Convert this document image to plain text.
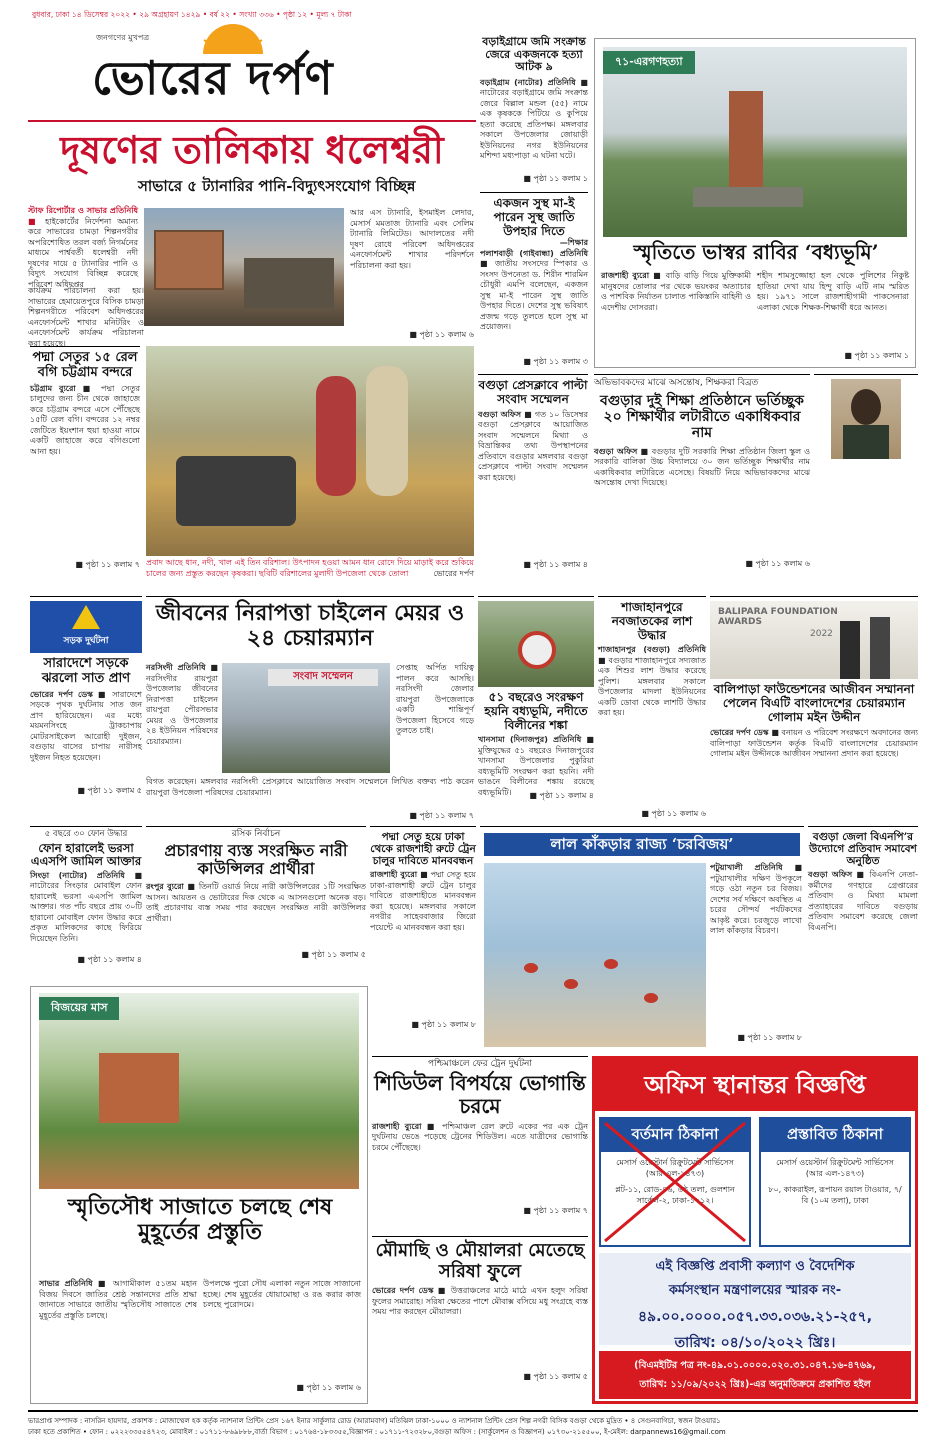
বুধবার, ঢাকা ১৪ ডিসেম্বর ২০২২ • ২৯ অগ্রহায়ণ ১৪২৯ • বর্ষ ২২ • সংখ্যা ৩৩৬ • পৃষ্ঠা ১২ • মূল্য ৭ টাকা
জনগণের মুখপত্র
ভোরের দর্পণ
দূষণের তালিকায় ধলেশ্বরী
সাভারে ৫ ট্যানারির পানি-বিদ্যুৎসংযোগ বিচ্ছিন্ন
স্টাফ রিপোর্টার ও সাভার প্রতিনিধি ■ হাইকোর্টের নির্দেশনা অমান্য করে সাভারের চামড়া শিল্পনগরীর অপরিশোধিত তরল বর্জ্য নিগর্মনের মাধ্যমে পার্শ্ববর্তী ধলেশ্বরী নদী দূষণের দায়ে ৫ ট্যানারির পানি ও বিদ্যুৎ সংযোগ বিচ্ছিন্ন করেছে পরিবেশ অধিদপ্তর
আর এস ট্যানারি, ইসমাইল লেদার, মেসার্স মমতাজ ট্যানারি এবং সেলিম ট্যানারি লিমিটেড। আদালতের নদী দূষণ রোধে পরিবেশ অধিদপ্তরের এনফোর্সমেন্ট শাখার পরিদর্শনে পরিচালনা করা হয়।
কার্যক্রম পরিচালনা করা হয়। সাভারের হেমায়েতপুরে বিসিক চামড়া শিল্পনগরীতে পরিবেশ অধিদপ্তরের এনফোর্সমেন্ট শাখার মনিটরিং ও এনফোর্সমেন্ট কার্যক্রম পরিচালনা করা হয়েছে।
■ পৃষ্ঠা ১১ কলাম ৬
বড়াইগ্রামে জমি সংক্রান্ত জেরে একজনকে হত্যা আটক ৯
বড়াইগ্রাম (নাটোর) প্রতিনিধি ■ নাটোরের বড়াইগ্রামে জমি সংক্রান্ত জেরে বিল্লাল মন্ডল (৫৫) নামে এক কৃষককে পিটিয়ে ও কুপিয়ে হত্যা করেছে প্রতিপক্ষ। মঙ্গলবার সকালে উপজেলার জোয়াড়ী ইউনিয়নের নগর ইউনিয়নের মশিন্দা মধ্যপাড়া এ ঘটনা ঘটে।
■ পৃষ্ঠা ১১ কলাম ১
একজন সুস্থ মা-ই পারেন সুস্থ জাতি উপহার দিতে
—শিক্ষার
পলাশবাড়ী (গাইবান্ধা) প্রতিনিধি ■ জাতীয় সংসদের স্পিকার ও সংসদ উপনেতা ড. শিরীন শারমিন চৌধুরী এমপি বলেছেন, একজন সুস্থ মা-ই পারেন সুস্থ জাতি উপহার দিতে। দেশের সুস্থ ভবিষ্যৎ প্রজন্ম গড়ে তুলতে হলে সুস্থ মা প্রয়োজন।
■ পৃষ্ঠা ১১ কলাম ৩
৭১-এরগণহত্যা
স্মৃতিতে ভাস্বর রাবির ‘বধ্যভূমি’
রাজশাহী ব্যুরো ■ বাড়ি বাড়ি গিয়ে মুক্তিকামী মানুষদের তোলার পর থেকে ভয়ংকর অত্যাচার ও পাশবিক নির্যাতন চালাত পাকিস্তানি বাহিনী ও এদেশীয় দোসররা।
শহীদ শামসুজ্জোহা হল থেকে পুলিশের নিকুষ্ট হাতিয়া দেখা যায় হিন্দু বাড়ি এটি নাম স্মরিত হয়। ১৯৭১ সালে রাজশাহীগামী পাকসেনারা এলাকা থেকে শিক্ষক-শিক্ষার্থী ধরে আনত।
■ পৃষ্ঠা ১১ কলাম ১
পদ্মা সেতুর ১৫ রেল বগি চট্টগ্রাম বন্দরে
চট্টগ্রাম ব্যুরো ■ পদ্মা সেতুর চালুদের জন্য চীন থেকে জাহাজে করে চট্টগ্রাম বন্দরে এসে পৌঁছেছে ১৫টি রেল বগি। বন্দরের ১২ নম্বর জেটিতে ইয়ংশান হুয়া হাওয়া নামে একটি জাহাজে করে বগিগুলো আনা হয়।
■ পৃষ্ঠা ১১ কলাম ৭ প্রবাদ আছে ধান, নদী, খাল এই তিন বরিশাল। উৎপাদন হওয়া আমন ধান রোদে দিয়ে মাড়াই করে শুকিয়ে চালের জন্য প্রস্তুত করছেন কৃষকরা। ছবিটি বরিশালের মুলাদী উপজেলা থেকে তোলা	ভোরের দর্পণ
বগুড়া প্রেসক্লাবে পাল্টা সংবাদ সম্মেলন
বগুড়া অফিস ■ গত ১০ ডিসেম্বর বগুড়া প্রেসক্লাবে আয়োজিত সংবাদ সম্মেলনে মিথ্যা ও বিভ্রান্তিকর তথ্য উপস্থাপনের প্রতিবাদে বগুড়ার মঙ্গলবার বগুড়া প্রেসক্লাবে পাল্টা সংবাদ সম্মেলন করা হয়েছে।
■ পৃষ্ঠা ১১ কলাম ৪
অভিভাবকদের মাঝে অসন্তোষ, শিক্ষকরা বিব্রত
বগুড়ার দুই শিক্ষা প্রতিষ্ঠানে ভর্তিচ্ছুক ২০ শিক্ষার্থীর লটারীতে একাধিকবার নাম
বগুড়া অফিস ■ বগুড়ার দুটি সরকারি শিক্ষা প্রতিষ্ঠান জিলা স্কুল ও সরকারি বালিকা উচ্চ বিদ্যালয়ে ৩০ জন ভর্তিচ্ছুক শিক্ষার্থীর নাম একাধিকবার লটারিতে এসেছে। বিষয়টি নিয়ে অভিভাবকদের মাঝে অসন্তোষ দেখা দিয়েছে।
■ পৃষ্ঠা ১১ কলাম ৬
সড়ক দুর্ঘটনা
সারাদেশে সড়কে ঝরলো সাত প্রাণ
ভোরের দর্পণ ডেস্ক ■ সারাদেশে সড়কে পৃথক দুর্ঘটনায় সাত জন প্রাণ হারিয়েছেন। এর মধ্যে ময়মনসিংহে ট্রাকচাপায় মোটরসাইকেল আরোহী দুইজন, বগুড়ায় বাসের চাপায় নারীসহ দুইজন নিহত হয়েছেন।
■ পৃষ্ঠা ১১ কলাম ৫
জীবনের নিরাপত্তা চাইলেন মেয়র ও ২৪ চেয়ারম্যান
নরসিংদী প্রতিনিধি ■ নরসিংদীর রায়পুরা উপজেলায় জীবনের নিরাপত্তা চাইলেন রায়পুরা পৌরসভার মেয়র ও উপজেলার ২৪ ইউনিয়ন পরিষদের চেয়ারম্যান।
সংবাদ সম্মেলন
সেপ্তাহ অর্পিত দায়িত্ব পালন করে আসছি। নরসিংদী জেলার রায়পুরা উপজেলাকে একটি শান্তিপূর্ণ উপজেলা হিসেবে গড়ে তুলতে চাই।
বিগত করেছেন। মঙ্গলবার নরসিংদী প্রেসক্লাবে আয়োজিত সংবাদ সম্মেলনে লিখিত বক্তব্য পাঠ করেন রায়পুরা উপজেলা পরিষদের চেয়ারম্যান।
■ পৃষ্ঠা ১১ কলাম ৭
৫১ বছরেও সংরক্ষণ হয়নি বধ্যভূমি, নদীতে বিলীনের শঙ্কা
খানসামা (দিনাজপুর) প্রতিনিধি ■ মুক্তিযুদ্ধের ৫১ বছরেও দিনাজপুরের খানসামা উপজেলার পুকুরিয়া বধ্যভূমিটি সংরক্ষণ করা হয়নি। নদী ভাঙনে বিলীনের শঙ্কায় রয়েছে বধ্যভূমিটি।	■ পৃষ্ঠা ১১ কলাম ৪
শাজাহানপুরে নবজাতকের লাশ উদ্ধার
শাজাহানপুর (বগুড়া) প্রতিনিধি ■ বগুড়ার শাজাহানপুরে সদ্যজাত এক শিশুর লাশ উদ্ধার করেছে পুলিশ। মঙ্গলবার সকালে উপজেলার মাদলা ইউনিয়নের একটি ডোবা থেকে লাশটি উদ্ধার করা হয়।
■ পৃষ্ঠা ১১ কলাম ৬
BALIPARA FOUNDATION AWARDS
2022
বালিপাড়া ফাউন্ডেশনের আজীবন সম্মাননা পেলেন বিএটি বাংলাদেশের চেয়ারম্যান গোলাম মইন উদ্দীন
ভোরের দর্পণ ডেস্ক ■ বনায়ন ও পরিবেশ সংরক্ষণে অবদানের জন্য বালিপাড়া ফাউন্ডেশন কর্তৃক বিএটি বাংলাদেশের চেয়ারম্যান গোলাম মইন উদ্দীনকে আজীবন সম্মাননা প্রদান করা হয়েছে।
৫ বছরে ৩০ ফোন উদ্ধার
ফোন হারালেই ভরসা এএসপি জামিল আক্তার
সিংড়া (নাটোর) প্রতিনিধি ■ নাটোরের সিংড়ার মোবাইল ফোন হারালেই ভরসা এএসপি জামিল আক্তার। গত পাঁচ বছরে প্রায় ৩০টি হারানো মোবাইল ফোন উদ্ধার করে প্রকৃত মালিকদের কাছে ফিরিয়ে দিয়েছেন তিনি।
■ পৃষ্ঠা ১১ কলাম ৪
রসিক নির্বাচন
প্রচারণায় ব্যস্ত সংরক্ষিত নারী কাউন্সিলর প্রার্থীরা
রংপুর ব্যুরো ■ তিনটি ওয়ার্ড নিয়ে নারী কাউন্সিলরের ১টি সংরক্ষিত আসন। আয়তন ও ভোটারের দিক থেকে এ আসনগুলো অনেক বড়। তাই প্রচারণায় ব্যস্ত সময় পার করছেন সংরক্ষিত নারী কাউন্সিলর প্রার্থীরা।
■ পৃষ্ঠা ১১ কলাম ৫
পদ্মা সেতু হয়ে ঢাকা থেকে রাজশাহী রুটে ট্রেন চালুর দাবিতে মানববন্ধন
রাজশাহী ব্যুরো ■ পদ্মা সেতু হয়ে ঢাকা-রাজশাহী রুটে ট্রেন চালুর দাবিতে রাজশাহীতে মানববন্ধন করা হয়েছে। মঙ্গলবার সকালে নগরীর সাহেববাজার জিরো পয়েন্টে এ মানববন্ধন করা হয়।
■ পৃষ্ঠা ১১ কলাম ৮
লাল কাঁকড়ার রাজ্য ‘চরবিজয়’
পটুয়াখালী প্রতিনিধি ■ পটুয়াখালীর দক্ষিণ উপকূলে গড়ে ওঠা নতুন চর বিজয়। দেশের সর্ব দক্ষিণে অবস্থিত এ চরের সৌন্দর্য পর্যটকদের আকৃষ্ট করে। চরজুড়ে লাখো লাল কাঁকড়ার বিচরণ।
■ পৃষ্ঠা ১১ কলাম ৮
বগুড়া জেলা বিএনপি’র উদ্যোগে প্রতিবাদ সমাবেশ অনুষ্ঠিত
বগুড়া অফিস ■ বিএনপি নেতা-কর্মীদের গণহারে গ্রেপ্তারের প্রতিবাদ ও মিথ্যা মামলা প্রত্যাহারের দাবিতে বগুড়ায় প্রতিবাদ সমাবেশ করেছে জেলা বিএনপি।
বিজয়ের মাস
স্মৃতিসৌধ সাজাতে চলছে শেষ মুহূর্তের প্রস্তুতি
সাভার প্রতিনিধি ■ আগামীকাল ৫১তম মহান বিজয় দিবসে জাতির শ্রেষ্ঠ সন্তানদের প্রতি শ্রদ্ধা জানাতে সাভারে জাতীয় স্মৃতিসৌধ সাজাতে শেষ মুহূর্তের প্রস্তুতি চলছে।
উপলক্ষে পুরো সৌধ এলাকা নতুন সাজে সাজানো হচ্ছে। শেষ মুহূর্তের ধোয়ামোছা ও রঙ করার কাজ চলছে পুরোদমে।
■ পৃষ্ঠা ১১ কলাম ৬
পশ্চিমাঞ্চলে ফের ট্রেন দুর্ঘটনা
শিডিউল বিপর্যয়ে ভোগান্তি চরমে
রাজশাহী ব্যুরো ■ পশ্চিমাঞ্চল রেল রুটে একের পর এক ট্রেন দুর্ঘটনায় ভেঙে পড়েছে ট্রেনের শিডিউল। এতে যাত্রীদের ভোগান্তি চরমে পৌঁছেছে।
■ পৃষ্ঠা ১১ কলাম ৭
মৌমাছি ও মৌয়ালরা মেতেছে সরিষা ফুলে
ভোরের দর্পণ ডেস্ক ■ উত্তরাঞ্চলের মাঠে মাঠে এখন হলুদ সরিষা ফুলের সমারোহ। সরিষা ক্ষেতের পাশে মৌবাক্স বসিয়ে মধু সংগ্রহে ব্যস্ত সময় পার করছেন মৌয়ালরা।
■ পৃষ্ঠা ১১ কলাম ৫
অফিস স্থানান্তর বিজ্ঞপ্তি
বর্তমান ঠিকানা
মেসার্স ওয়েস্টার্ন রিক্রুটমেন্ট সার্ভিসেস
(আর এল-১৪৭৩)
প্লট-১১, রোড-৪৬, ৬ষ্ঠ তলা, গুলশান সার্কেল-২, ঢাকা-১২১২।
প্রস্তাবিত ঠিকানা
মেসার্স ওয়েস্টার্ন রিক্রুটমেন্ট সার্ভিসেস
(আর এল-১৪৭৩)
৮০, কাকরাইল, রূপায়ন রয়াল টাওয়ার, ৭/বি (১০ম তলা), ঢাকা
এই বিজ্ঞপ্তি প্রবাসী কল্যাণ ও বৈদেশিক
কর্মসংস্থান মন্ত্রণালয়ের স্মারক নং-
৪৯.০০.০০০০.০৫৭.৩৩.০৩৬.২১-২৫৭,
তারিখ: ০৪/১০/২০২২ খ্রিঃ।
(বিএমইটির পত্র নং-৪৯.০১.০০০০.০২০.৩১.০৪৭.১৬-৪৭৬৯,
তারিখ: ১১/০৯/২০২২ খ্রিঃ)-এর অনুমতিক্রমে প্রকাশিত হইল
ভারপ্রাপ্ত সম্পাদক : নাসরিন হায়দার, প্রকাশক : মোজাম্মেল হক কর্তৃক ন্যাশনাল প্রিন্টিং প্রেস ১৬৭ ইনার সার্কুলার রোড (আরামবাগ) মতিঝিল ঢাকা-১০০০ ও ন্যাশনাল প্রিন্টিং প্রেস শিল্প নগরী বিসিক বগুড়া থেকে মুদ্রিত • ৪ সেগুনবাগিচা, স্বজন টাওয়ার১
ঢাকা হতে প্রকাশিত • ফোন : ০২২২৩৩৫৫৪৭২৩, মোবাইল : ০১৭১১-৮৬৯৮৮৮,বার্তা বিভাগ : ০১৭৬৪-১৮৩৩৫৫,বিজ্ঞাপন : ০১৭১১-৭২৩২৮০,বগুড়া অফিস : (সার্কুলেশন ও বিজ্ঞাপন) ০১৭৩০-২১৫৫০০, ই-মেইল: darpannews16@gmail.com
